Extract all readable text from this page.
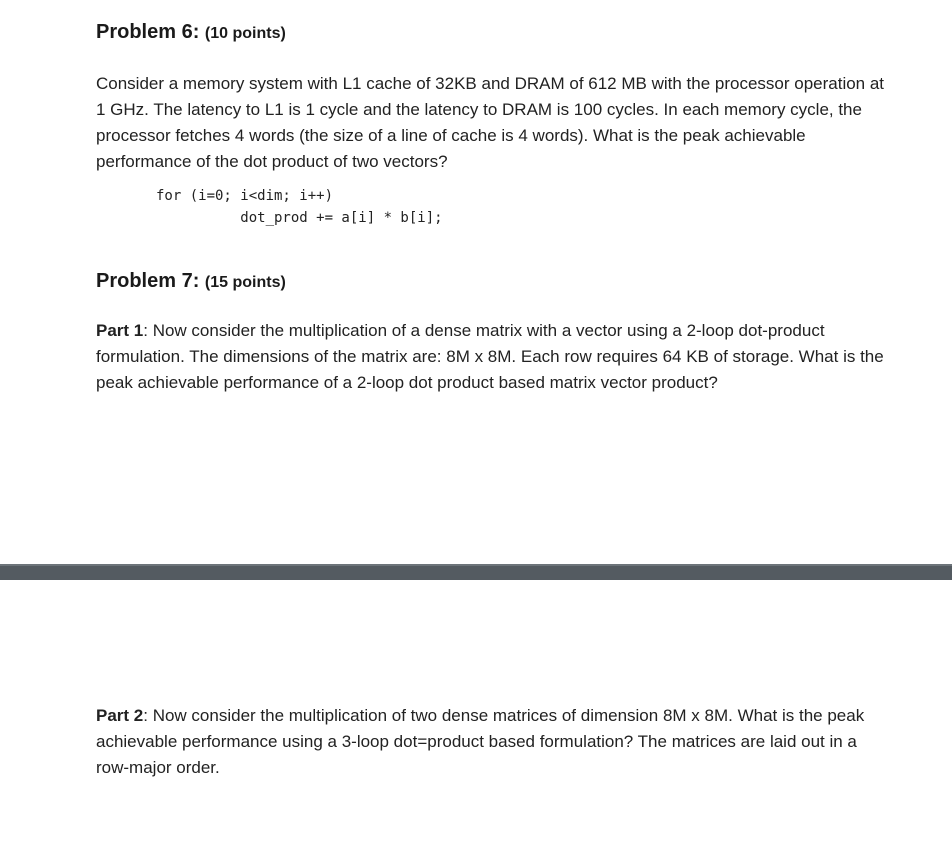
Problem 6: (10 points)

Consider a memory system with L1 cache of 32KB and DRAM of 612 MB with the processor operation at 1 GHz. The latency to L1 is 1 cycle and the latency to DRAM is 100 cycles. In each memory cycle, the processor fetches 4 words (the size of a line of cache is 4 words). What is the peak achievable performance of the dot product of two vectors?

for (i=0; i<dim; i++)
dot_prod += a[i] * b[i];
Problem 7: (15 points)

Part 1: Now consider the multiplication of a dense matrix with a vector using a 2-loop dot-product formulation. The dimensions of the matrix are: 8M x 8M. Each row requires 64 KB of storage. What is the peak achievable performance of a 2-loop dot product based matrix vector product?

Part 2: Now consider the multiplication of two dense matrices of dimension 8M x 8M. What is the peak achievable performance using a 3-loop dot=product based formulation? The matrices are laid out in a row-major order.
